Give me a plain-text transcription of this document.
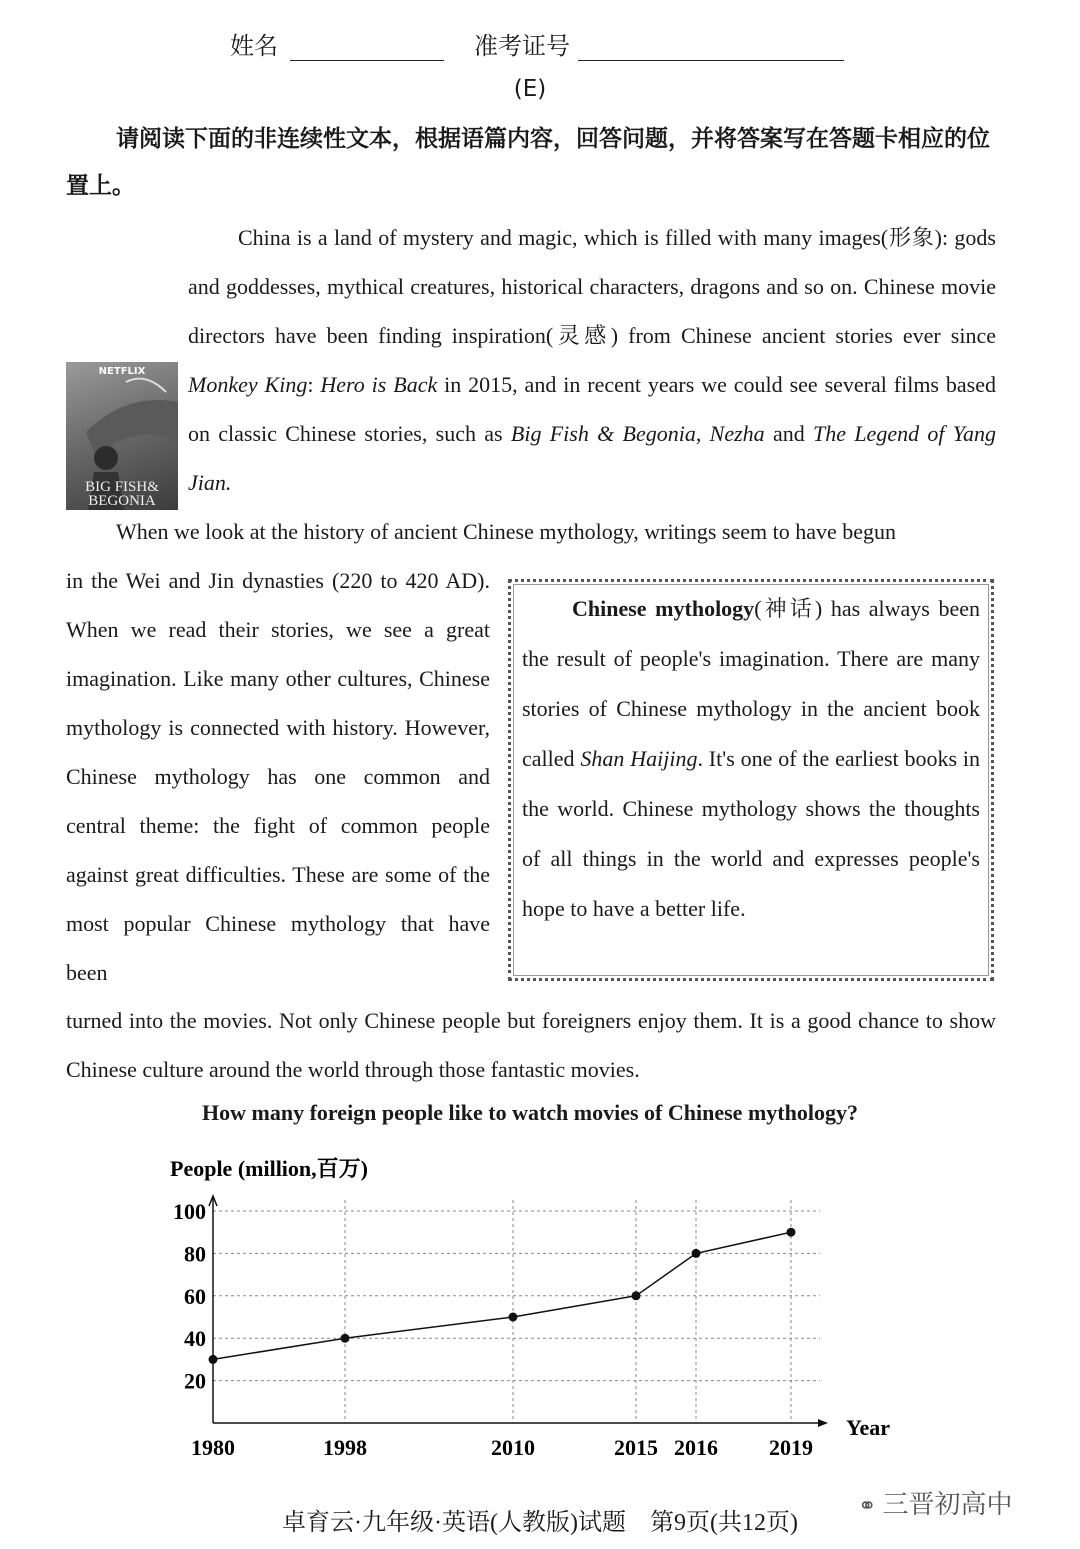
姓名	准考证号
(E)
请阅读下面的非连续性文本，根据语篇内容，回答问题，并将答案写在答题卡相应的位置上。
NETFLIX
BIG FISH&
BEGONIA
China is a land of mystery and magic, which is filled with many images(形象): gods and goddesses, mythical creatures, historical characters, dragons and so on. Chinese movie directors have been finding inspiration(灵感) from Chinese ancient stories ever since Monkey King: Hero is Back in 2015, and in recent years we could see several films based on classic Chinese stories, such as Big Fish & Begonia, Nezha and The Legend of Yang Jian.
When we look at the history of ancient Chinese mythology, writings seem to have begun
in the Wei and Jin dynasties (220 to 420 AD). When we read their stories, we see a great imagination. Like many other cultures, Chinese mythology is connected with history. However, Chinese mythology has one common and central theme: the fight of common people against great difficulties. These are some of the most popular Chinese mythology that have been
Chinese mythology(神话) has always been the result of people's imagination. There are many stories of Chinese mythology in the ancient book called Shan Haijing. It's one of the earliest books in the world. Chinese mythology shows the thoughts of all things in the world and expresses people's hope to have a better life.
turned into the movies. Not only Chinese people but foreigners enjoy them. It is a good chance to show Chinese culture around the world through those fantastic movies.
How many foreign people like to watch movies of Chinese mythology?
People (million,百万)
Year
20
40
60
80
100
1980	1998	2010	2015 2016 2019
卓育云·九年级·英语(人教版)试题　第9页(共12页)
⚭ 三晋初高中
